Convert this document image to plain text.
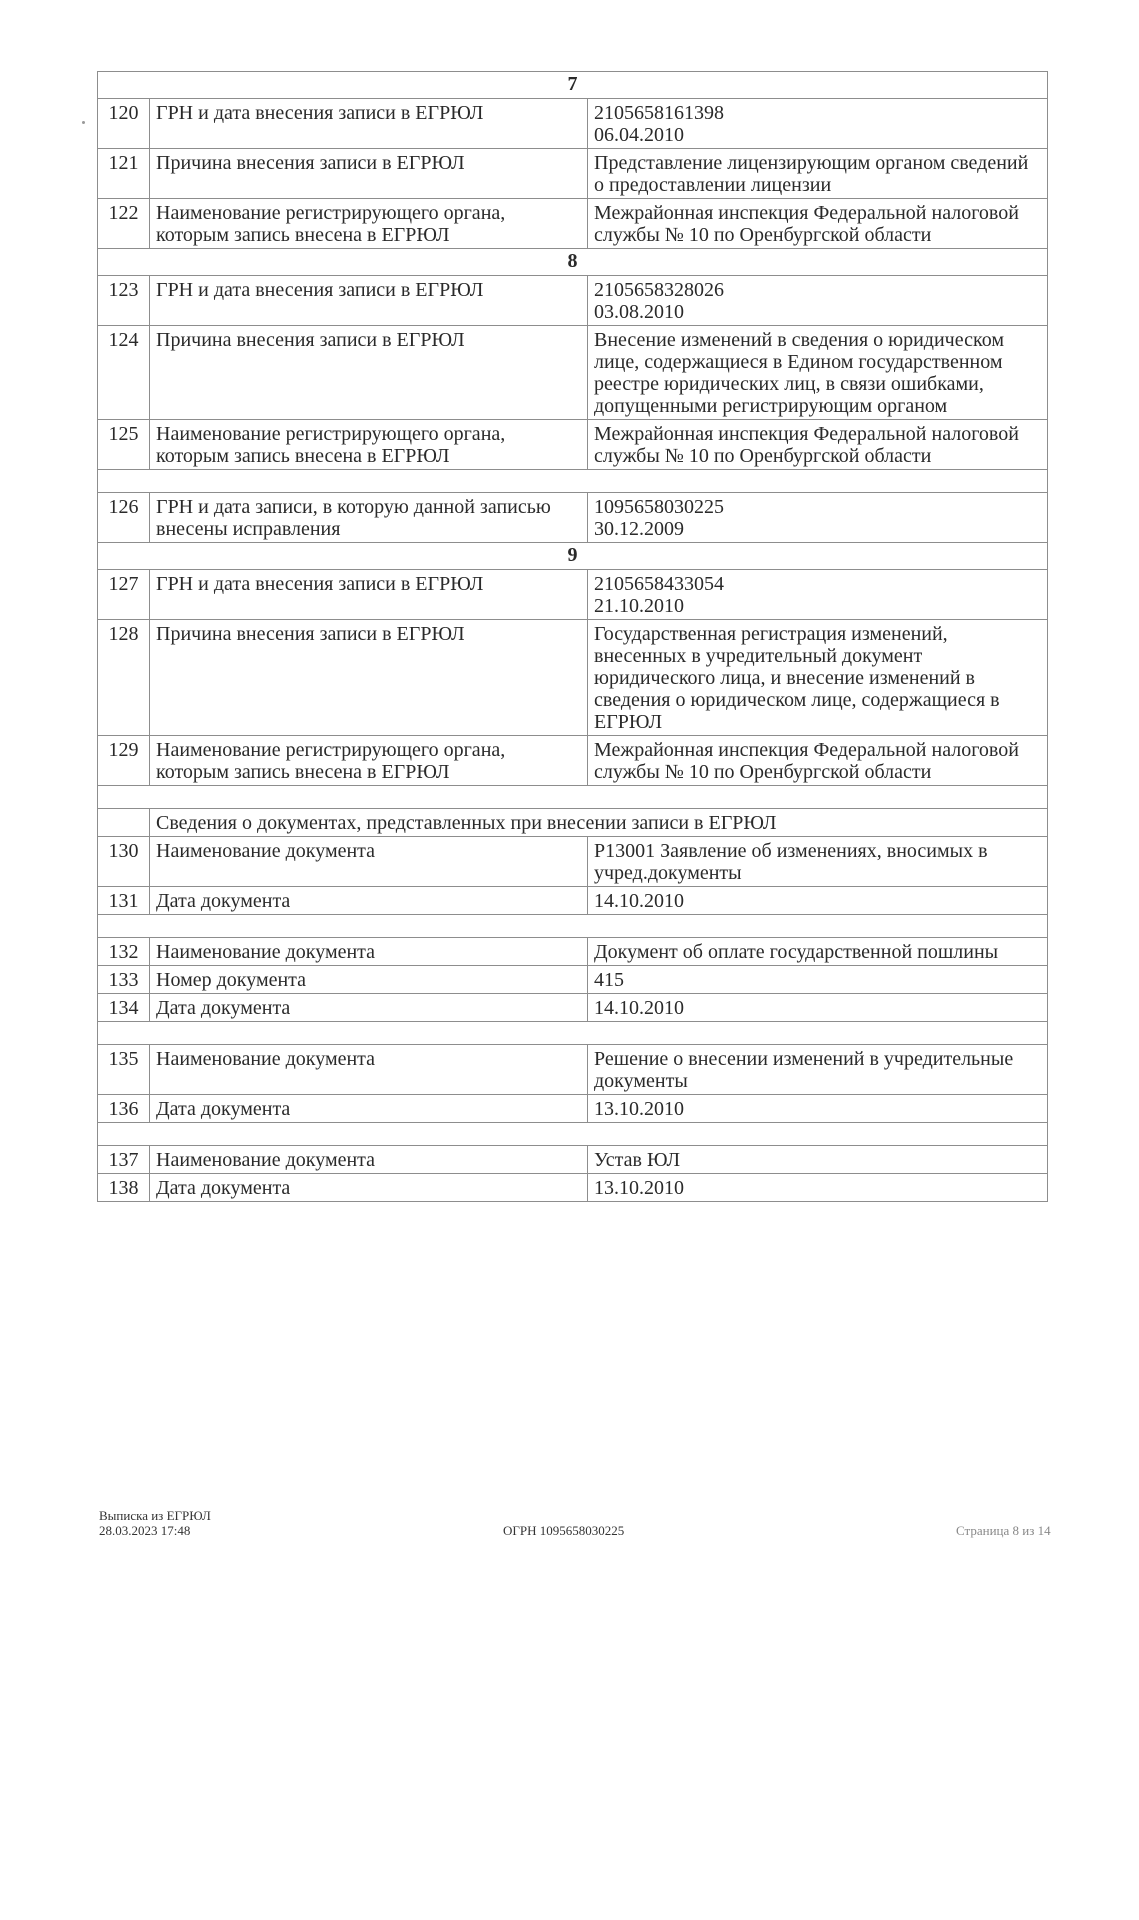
7		
120	ГРН и дата внесения записи в ЕГРЮЛ	2105658161398
06.04.2010

121	Причина внесения записи в ЕГРЮЛ	Представление лицензирующим органом сведений о предоставлении лицензии
122	Наименование регистрирующего органа, которым запись внесена в ЕГРЮЛ	Межрайонная инспекция Федеральной налоговой службы № 10 по Оренбургской области
8		
123	ГРН и дата внесения записи в ЕГРЮЛ	2105658328026
03.08.2010

124	Причина внесения записи в ЕГРЮЛ	Внесение изменений в сведения о юридическом лице, содержащиеся в Едином государственном реестре юридических лиц, в связи ошибками, допущенными регистрирующим органом
125	Наименование регистрирующего органа, которым запись внесена в ЕГРЮЛ	Межрайонная инспекция Федеральной налоговой службы № 10 по Оренбургской области

126	ГРН и дата записи, в которую данной записью внесены исправления	1095658030225
30.12.2009

9		
127	ГРН и дата внесения записи в ЕГРЮЛ	2105658433054
21.10.2010

128	Причина внесения записи в ЕГРЮЛ	Государственная регистрация изменений, внесенных в учредительный документ юридического лица, и внесение изменений в сведения о юридическом лице, содержащиеся в ЕГРЮЛ
129	Наименование регистрирующего органа, которым запись внесена в ЕГРЮЛ	Межрайонная инспекция Федеральной налоговой службы № 10 по Оренбургской области

	Сведения о документах, представленных при внесении записи в ЕГРЮЛ	
130	Наименование документа	Р13001 Заявление об изменениях, вносимых в учред.документы
131	Дата документа	14.10.2010

132	Наименование документа	Документ об оплате государственной пошлины
133	Номер документа	415
134	Дата документа	14.10.2010

135	Наименование документа	Решение о внесении изменений в учредительные документы
136	Дата документа	13.10.2010

137	Наименование документа	Устав ЮЛ
138	Дата документа	13.10.2010
Выписка из ЕГРЮЛ
28.03.2023 17:48	ОГРН 1095658030225	Страница 8 из 14
